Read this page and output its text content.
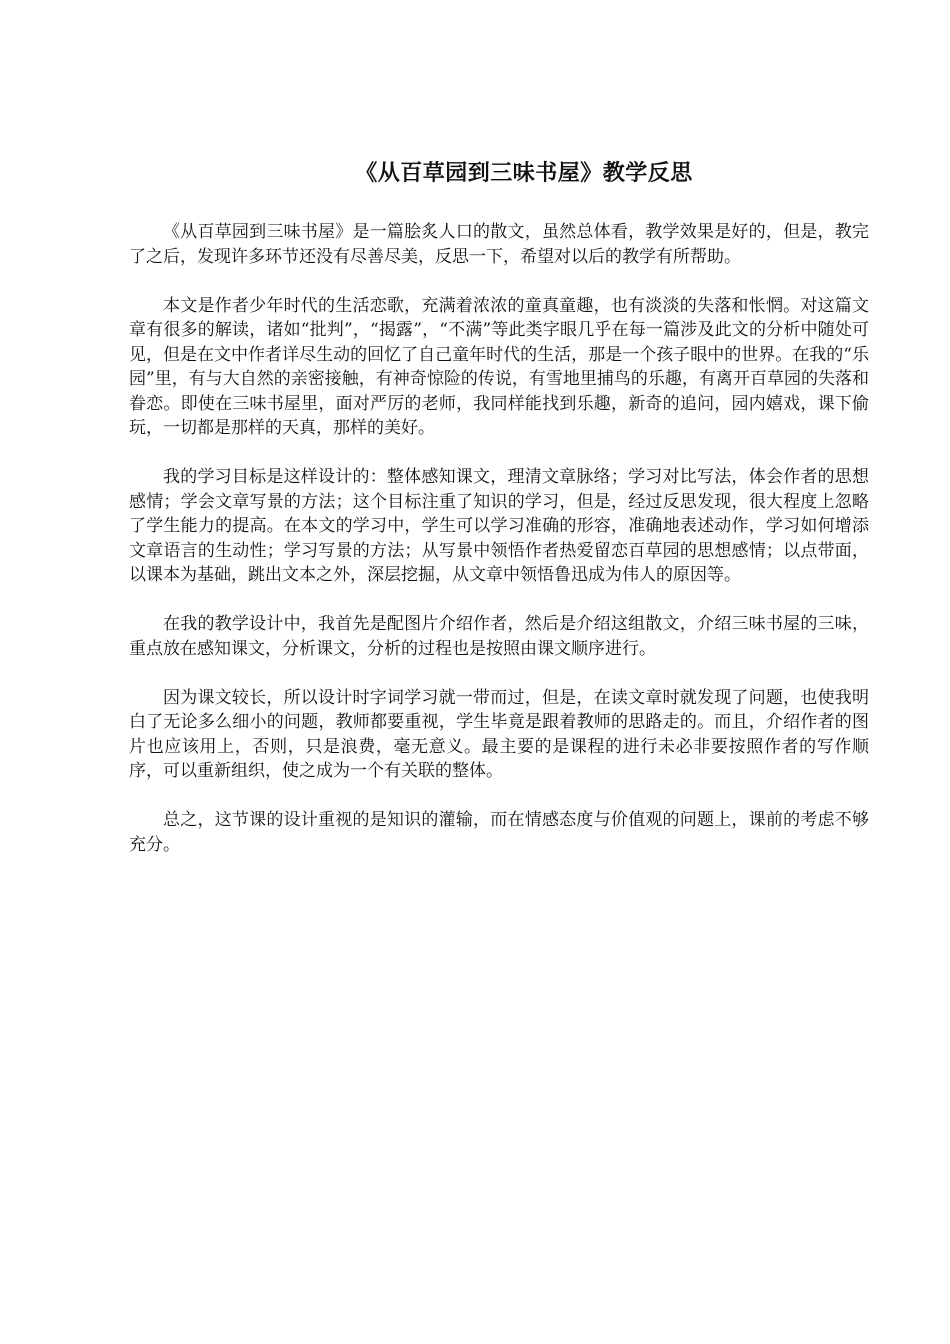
《从百草园到三味书屋》教学反思

《从百草园到三味书屋》是一篇脍炙人口的散文，虽然总体看，教学效果是好的，但是，教完了之后，发现许多环节还没有尽善尽美，反思一下，希望对以后的教学有所帮助。

本文是作者少年时代的生活恋歌，充满着浓浓的童真童趣，也有淡淡的失落和怅惘。对这篇文章有很多的解读，诸如“批判”，“揭露”，“不满”等此类字眼几乎在每一篇涉及此文的分析中随处可见，但是在文中作者详尽生动的回忆了自己童年时代的生活，那是一个孩子眼中的世界。在我的“乐园”里，有与大自然的亲密接触，有神奇惊险的传说，有雪地里捕鸟的乐趣，有离开百草园的失落和眷恋。即使在三味书屋里，面对严厉的老师，我同样能找到乐趣，新奇的追问，园内嬉戏，课下偷玩，一切都是那样的天真，那样的美好。

我的学习目标是这样设计的：整体感知课文，理清文章脉络；学习对比写法，体会作者的思想感情；学会文章写景的方法；这个目标注重了知识的学习，但是，经过反思发现，很大程度上忽略了学生能力的提高。在本文的学习中，学生可以学习准确的形容，准确地表述动作，学习如何增添文章语言的生动性；学习写景的方法；从写景中领悟作者热爱留恋百草园的思想感情；以点带面，以课本为基础，跳出文本之外，深层挖掘，从文章中领悟鲁迅成为伟人的原因等。

在我的教学设计中，我首先是配图片介绍作者，然后是介绍这组散文，介绍三味书屋的三味，重点放在感知课文，分析课文，分析的过程也是按照由课文顺序进行。

因为课文较长，所以设计时字词学习就一带而过，但是，在读文章时就发现了问题，也使我明白了无论多么细小的问题，教师都要重视，学生毕竟是跟着教师的思路走的。而且，介绍作者的图片也应该用上，否则，只是浪费，毫无意义。最主要的是课程的进行未必非要按照作者的写作顺序，可以重新组织，使之成为一个有关联的整体。

总之，这节课的设计重视的是知识的灌输，而在情感态度与价值观的问题上，课前的考虑不够充分。
